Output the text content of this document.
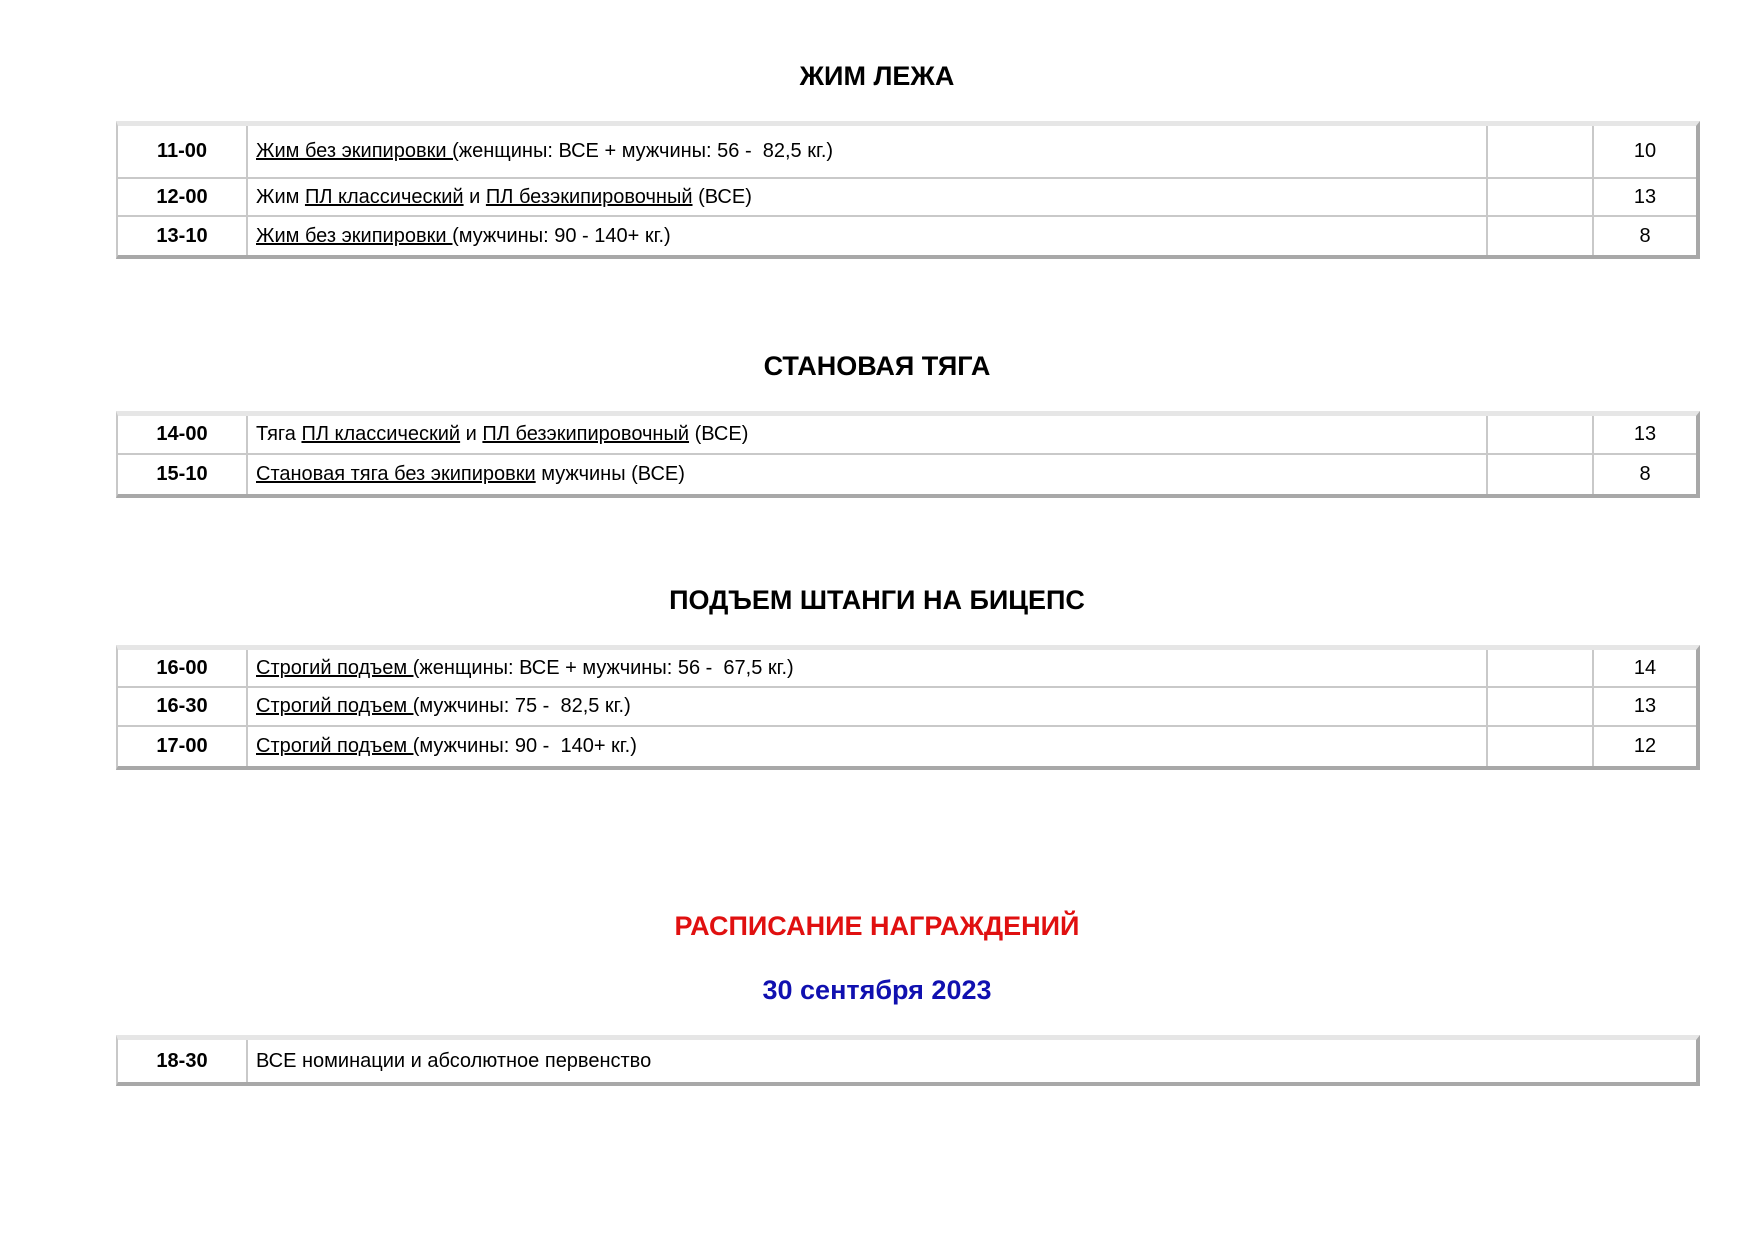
ЖИМ ЛЕЖА
11-00	Жим без экипировки (женщины: ВСЕ + мужчины: 56 -  82,5 кг.)		10
12-00	Жим ПЛ классический и ПЛ безэкипировочный (ВСЕ)		13
13-10	Жим без экипировки (мужчины: 90 - 140+ кг.)		8
СТАНОВАЯ ТЯГА
14-00	Тяга ПЛ классический и ПЛ безэкипировочный (ВСЕ)		13
15-10	Становая тяга без экипировки мужчины (ВСЕ)		8
ПОДЪЕМ ШТАНГИ НА БИЦЕПС
16-00	Строгий подъем (женщины: ВСЕ + мужчины: 56 -  67,5 кг.)		14
16-30	Строгий подъем (мужчины: 75 -  82,5 кг.)		13
17-00	Строгий подъем (мужчины: 90 -  140+ кг.)		12
РАСПИСАНИЕ НАГРАЖДЕНИЙ
30 сентября 2023
18-30	ВСЕ номинации и абсолютное первенство
